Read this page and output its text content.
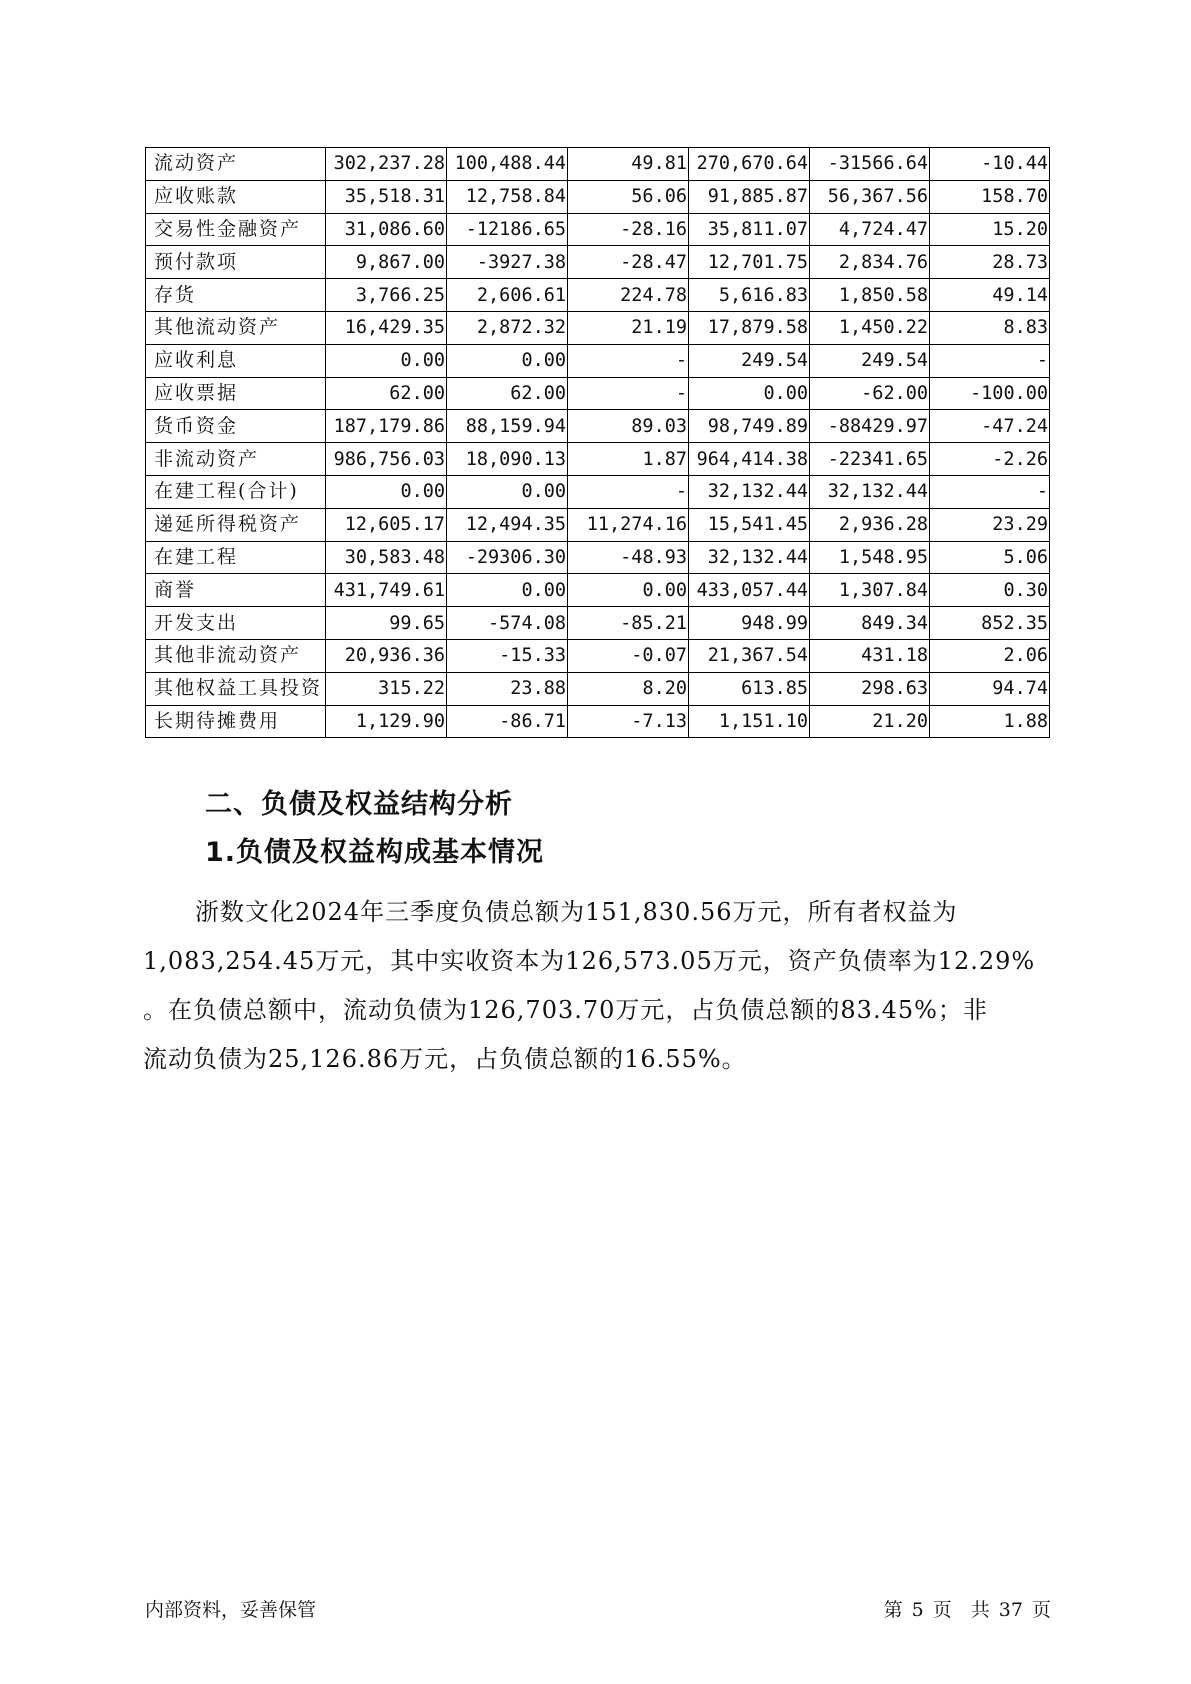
流动资产	302,237.28	100,488.44	49.81	270,670.64	-31566.64	-10.44
应收账款	35,518.31	12,758.84	56.06	91,885.87	56,367.56	158.70
交易性金融资产	31,086.60	-12186.65	-28.16	35,811.07	4,724.47	15.20
预付款项	9,867.00	-3927.38	-28.47	12,701.75	2,834.76	28.73
存货	3,766.25	2,606.61	224.78	5,616.83	1,850.58	49.14
其他流动资产	16,429.35	2,872.32	21.19	17,879.58	1,450.22	8.83
应收利息	0.00	0.00	-	249.54	249.54	-
应收票据	62.00	62.00	-	0.00	-62.00	-100.00
货币资金	187,179.86	88,159.94	89.03	98,749.89	-88429.97	-47.24
非流动资产	986,756.03	18,090.13	1.87	964,414.38	-22341.65	-2.26
在建工程(合计)	0.00	0.00	-	32,132.44	32,132.44	-
递延所得税资产	12,605.17	12,494.35	11,274.16	15,541.45	2,936.28	23.29
在建工程	30,583.48	-29306.30	-48.93	32,132.44	1,548.95	5.06
商誉	431,749.61	0.00	0.00	433,057.44	1,307.84	0.30
开发支出	99.65	-574.08	-85.21	948.99	849.34	852.35
其他非流动资产	20,936.36	-15.33	-0.07	21,367.54	431.18	2.06
其他权益工具投资	315.22	23.88	8.20	613.85	298.63	94.74
长期待摊费用	1,129.90	-86.71	-7.13	1,151.10	21.20	1.88
二、负债及权益结构分析
1.负债及权益构成基本情况
浙数文化2024年三季度负债总额为151,830.56万元，所有者权益为
1,083,254.45万元，其中实收资本为126,573.05万元，资产负债率为12.29%
。在负债总额中，流动负债为126,703.70万元，占负债总额的83.45%；非
流动负债为25,126.86万元，占负债总额的16.55%。
内部资料，妥善保管	第 5 页　共 37 页
